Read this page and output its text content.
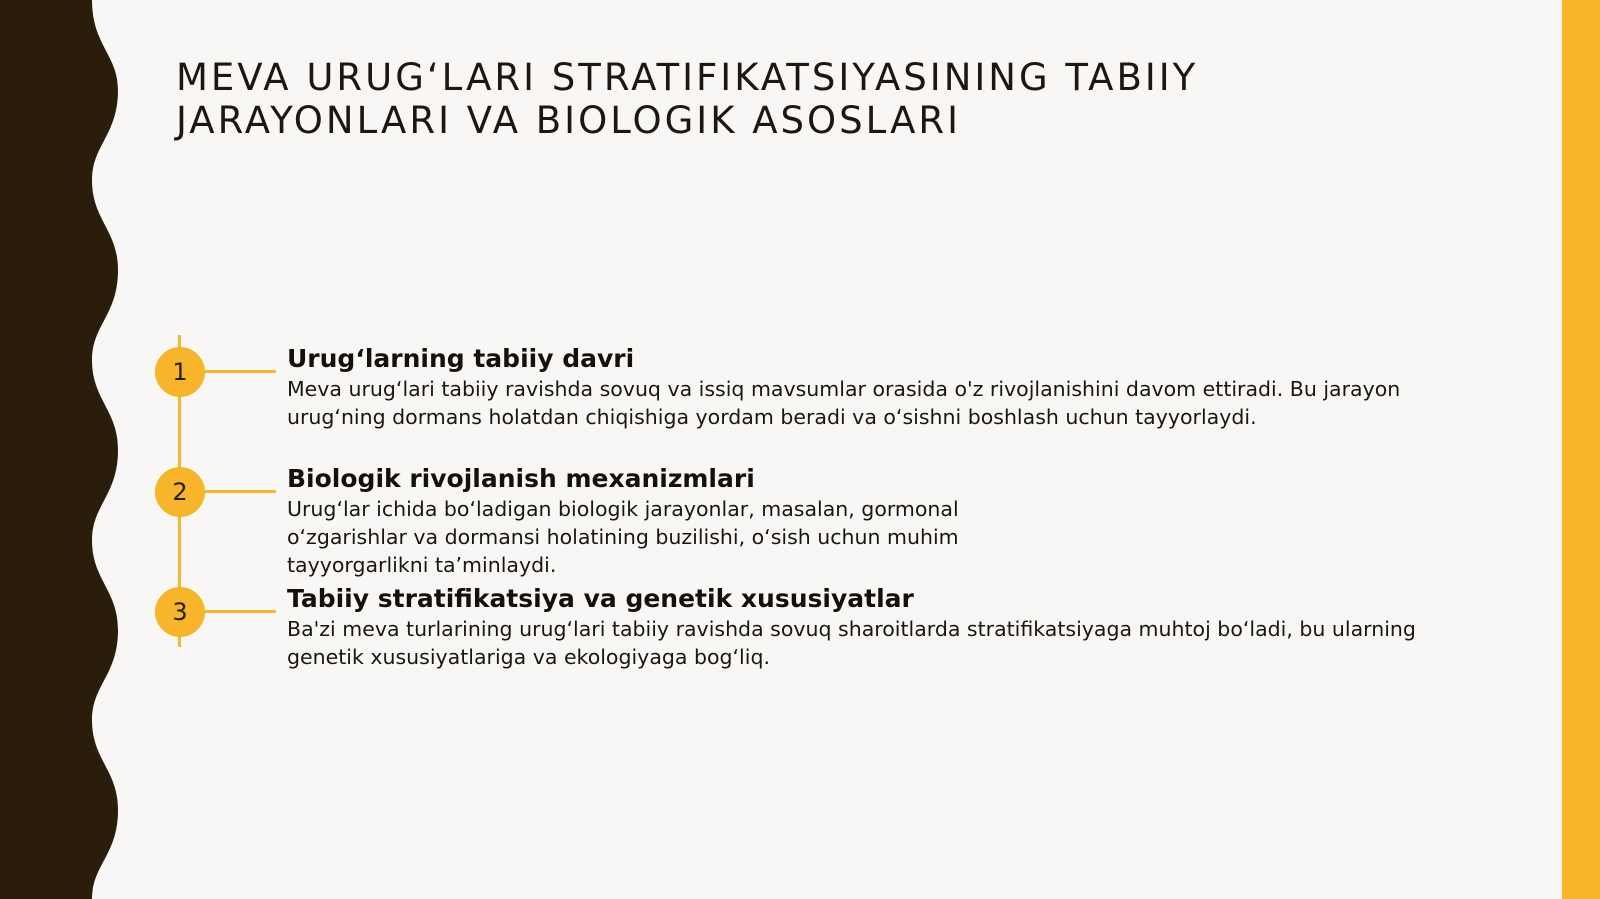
MEVA URUG‘LARI STRATIFIKATSIYASINING TABIIY JARAYONLARI VA BIOLOGIK ASOSLARI
1	Urug‘larning tabiiy davri

Meva urug‘lari tabiiy ravishda sovuq va issiq mavsumlar orasida o'z rivojlanishini davom ettiradi. Bu jarayon urug‘ning dormans holatdan chiqishiga yordam beradi va o‘sishni boshlash uchun tayyorlaydi.

2	Biologik rivojlanish mexanizmlari

Urug‘lar ichida bo‘ladigan biologik jarayonlar, masalan, gormonal o‘zgarishlar va dormansi holatining buzilishi, o‘sish uchun muhim tayyorgarlikni ta’minlaydi.

3	Tabiiy stratifikatsiya va genetik xususiyatlar

Ba'zi meva turlarining urug‘lari tabiiy ravishda sovuq sharoitlarda stratifikatsiyaga muhtoj bo‘ladi, bu ularning genetik xususiyatlariga va ekologiyaga bog‘liq.
